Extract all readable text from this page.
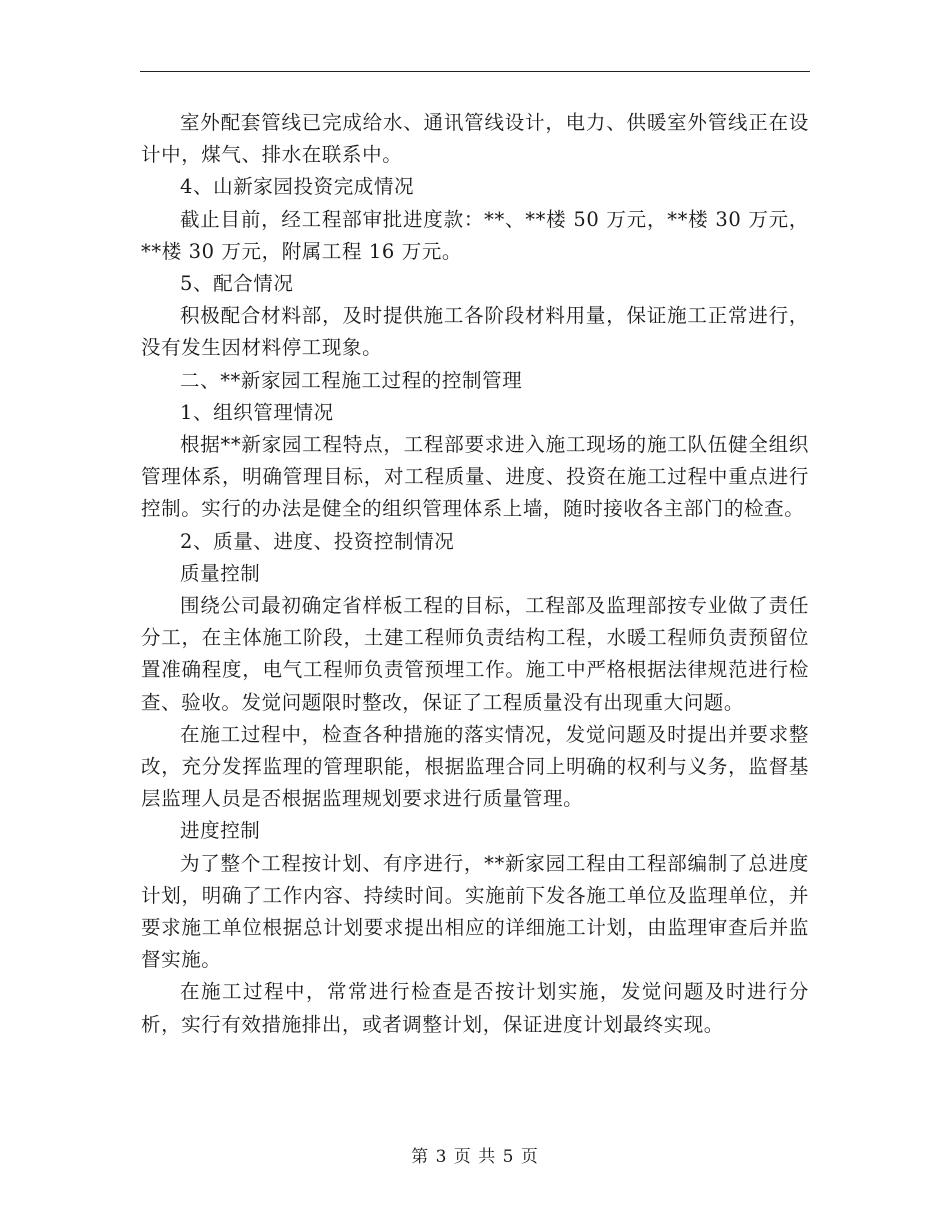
室外配套管线已完成给水、通讯管线设计，电力、供暖室外管线正在设计中，煤气、排水在联系中。

4、山新家园投资完成情况

截止目前，经工程部审批进度款：**、**楼 50 万元，**楼 30 万元，**楼 30 万元，附属工程 16 万元。

5、配合情况

积极配合材料部，及时提供施工各阶段材料用量，保证施工正常进行，没有发生因材料停工现象。

二、**新家园工程施工过程的控制管理

1、组织管理情况

根据**新家园工程特点，工程部要求进入施工现场的施工队伍健全组织管理体系，明确管理目标，对工程质量、进度、投资在施工过程中重点进行控制。实行的办法是健全的组织管理体系上墙，随时接收各主部门的检查。

2、质量、进度、投资控制情况

质量控制

围绕公司最初确定省样板工程的目标，工程部及监理部按专业做了责任分工，在主体施工阶段，土建工程师负责结构工程，水暖工程师负责预留位置准确程度，电气工程师负责管预埋工作。施工中严格根据法律规范进行检查、验收。发觉问题限时整改，保证了工程质量没有出现重大问题。

在施工过程中，检查各种措施的落实情况，发觉问题及时提出并要求整改，充分发挥监理的管理职能，根据监理合同上明确的权利与义务，监督基层监理人员是否根据监理规划要求进行质量管理。

进度控制

为了整个工程按计划、有序进行，**新家园工程由工程部编制了总进度计划，明确了工作内容、持续时间。实施前下发各施工单位及监理单位，并要求施工单位根据总计划要求提出相应的详细施工计划，由监理审查后并监督实施。

在施工过程中，常常进行检查是否按计划实施，发觉问题及时进行分析，实行有效措施排出，或者调整计划，保证进度计划最终实现。

第 3 页 共 5 页
